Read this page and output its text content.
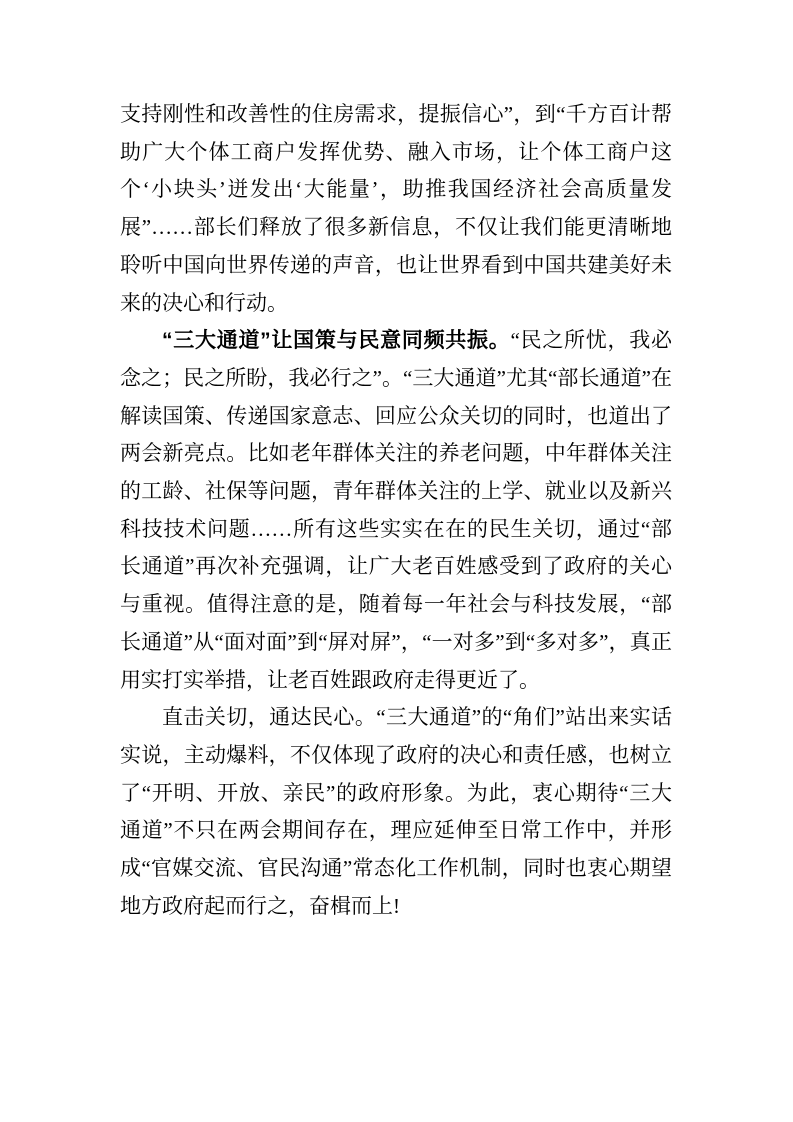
支持刚性和改善性的住房需求，提振信心”，到“千方百计帮助广大个体工商户发挥优势、融入市场，让个体工商户这个‘小块头’迸发出‘大能量’，助推我国经济社会高质量发展”……部长们释放了很多新信息，不仅让我们能更清晰地聆听中国向世界传递的声音，也让世界看到中国共建美好未来的决心和行动。

“三大通道”让国策与民意同频共振。“民之所忧，我必念之；民之所盼，我必行之”。“三大通道”尤其“部长通道”在解读国策、传递国家意志、回应公众关切的同时，也道出了两会新亮点。比如老年群体关注的养老问题，中年群体关注的工龄、社保等问题，青年群体关注的上学、就业以及新兴科技技术问题……所有这些实实在在的民生关切，通过“部长通道”再次补充强调，让广大老百姓感受到了政府的关心与重视。值得注意的是，随着每一年社会与科技发展，“部长通道”从“面对面”到“屏对屏”，“一对多”到“多对多”，真正用实打实举措，让老百姓跟政府走得更近了。

直击关切，通达民心。“三大通道”的“角们”站出来实话实说，主动爆料，不仅体现了政府的决心和责任感，也树立了“开明、开放、亲民”的政府形象。为此，衷心期待“三大通道”不只在两会期间存在，理应延伸至日常工作中，并形成“官媒交流、官民沟通”常态化工作机制，同时也衷心期望地方政府起而行之，奋楫而上!
